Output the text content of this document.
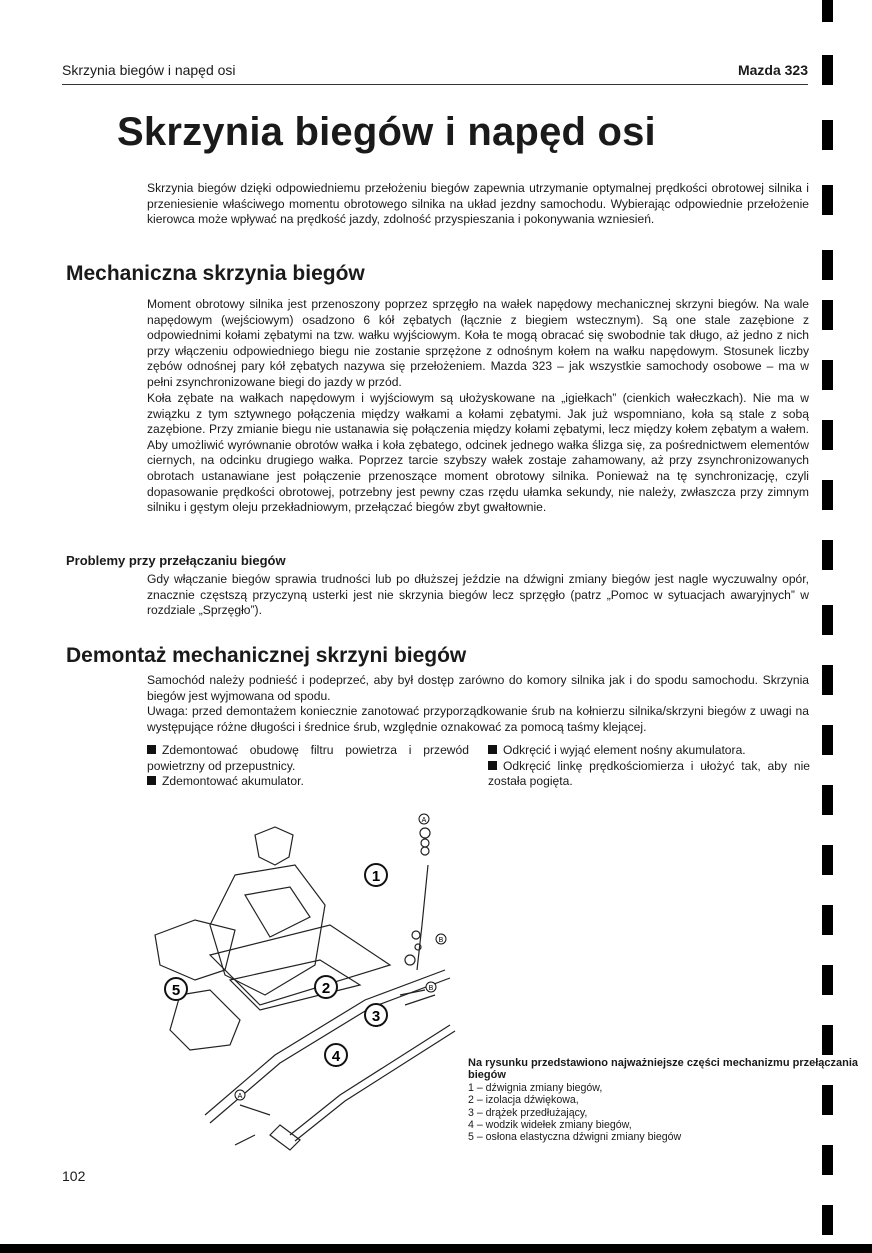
Skrzynia biegów i napęd osi	Mazda 323
Skrzynia biegów i napęd osi

Skrzynia biegów dzięki odpowiedniemu przełożeniu biegów zapewnia utrzymanie optymalnej prędkości obrotowej silnika i przeniesienie właściwego momentu obrotowego silnika na układ jezdny samochodu. Wybierając odpowiednie przełożenie kierowca może wpływać na prędkość jazdy, zdolność przyspieszania i pokonywania wzniesień.

Mechaniczna skrzynia biegów

Moment obrotowy silnika jest przenoszony poprzez sprzęgło na wałek napędowy mechanicznej skrzyni biegów. Na wale napędowym (wejściowym) osadzono 6 kół zębatych (łącznie z biegiem wstecznym). Są one stale zazębione z odpowiednimi kołami zębatymi na tzw. wałku wyjściowym. Koła te mogą obracać się swobodnie tak długo, aż jedno z nich przy włączeniu odpowiedniego biegu nie zostanie sprzężone z odnośnym kołem na wałku napędowym. Stosunek liczby zębów odnośnej pary kół zębatych nazywa się przełożeniem. Mazda 323 – jak wszystkie samochody osobowe – ma w pełni zsynchronizowane biegi do jazdy w przód.

Koła zębate na wałkach napędowym i wyjściowym są ułożyskowane na „igiełkach” (cienkich wałeczkach). Nie ma w związku z tym sztywnego połączenia między wałkami a kołami zębatymi. Jak już wspomniano, koła są stale z sobą zazębione. Przy zmianie biegu nie ustanawia się połączenia między kołami zębatymi, lecz między kołem zębatym a wałem. Aby umożliwić wyrównanie obrotów wałka i koła zębatego, odcinek jednego wałka ślizga się, za pośrednictwem elementów ciernych, na odcinku drugiego wałka. Poprzez tarcie szybszy wałek zostaje zahamowany, aż przy zsynchronizowanych obrotach ustanawiane jest połączenie przenoszące moment obrotowy silnika. Ponieważ na tę synchronizację, czyli dopasowanie prędkości obrotowej, potrzebny jest pewny czas rzędu ułamka sekundy, nie należy, zwłaszcza przy zimnym silniku i gęstym oleju przekładniowym, przełączać biegów zbyt gwałtownie.

Problemy przy przełączaniu biegów

Gdy włączanie biegów sprawia trudności lub po dłuższej jeździe na dźwigni zmiany biegów jest nagle wyczuwalny opór, znacznie częstszą przyczyną usterki jest nie skrzynia biegów lecz sprzęgło (patrz „Pomoc w sytuacjach awaryjnych” w rozdziale „Sprzęgło”).

Demontaż mechanicznej skrzyni biegów

Samochód należy podnieść i podeprzeć, aby był dostęp zarówno do komory silnika jak i do spodu samochodu. Skrzynia biegów jest wyjmowana od spodu.

Uwaga: przed demontażem koniecznie zanotować przyporządkowanie śrub na kołnierzu silnika/skrzyni biegów z uwagi na występujące różne długości i średnice śrub, względnie oznakować za pomocą taśmy klejącej.

Zdemontować obudowę filtru powietrza i przewód powietrzny od przepustnicy.

Zdemontować akumulator.

Odkręcić i wyjąć element nośny akumulatora.

Odkręcić linkę prędkościomierza i ułożyć tak, aby nie została pogięta.

1
2
3
4
5
A
A
B
B
Na rysunku przedstawiono najważniejsze części mechanizmu przełączania biegów
1 – dźwignia zmiany biegów,
2 – izolacja dźwiękowa,
3 – drążek przedłużający,
4 – wodzik widełek zmiany biegów,
5 – osłona elastyczna dźwigni zmiany biegów
102
